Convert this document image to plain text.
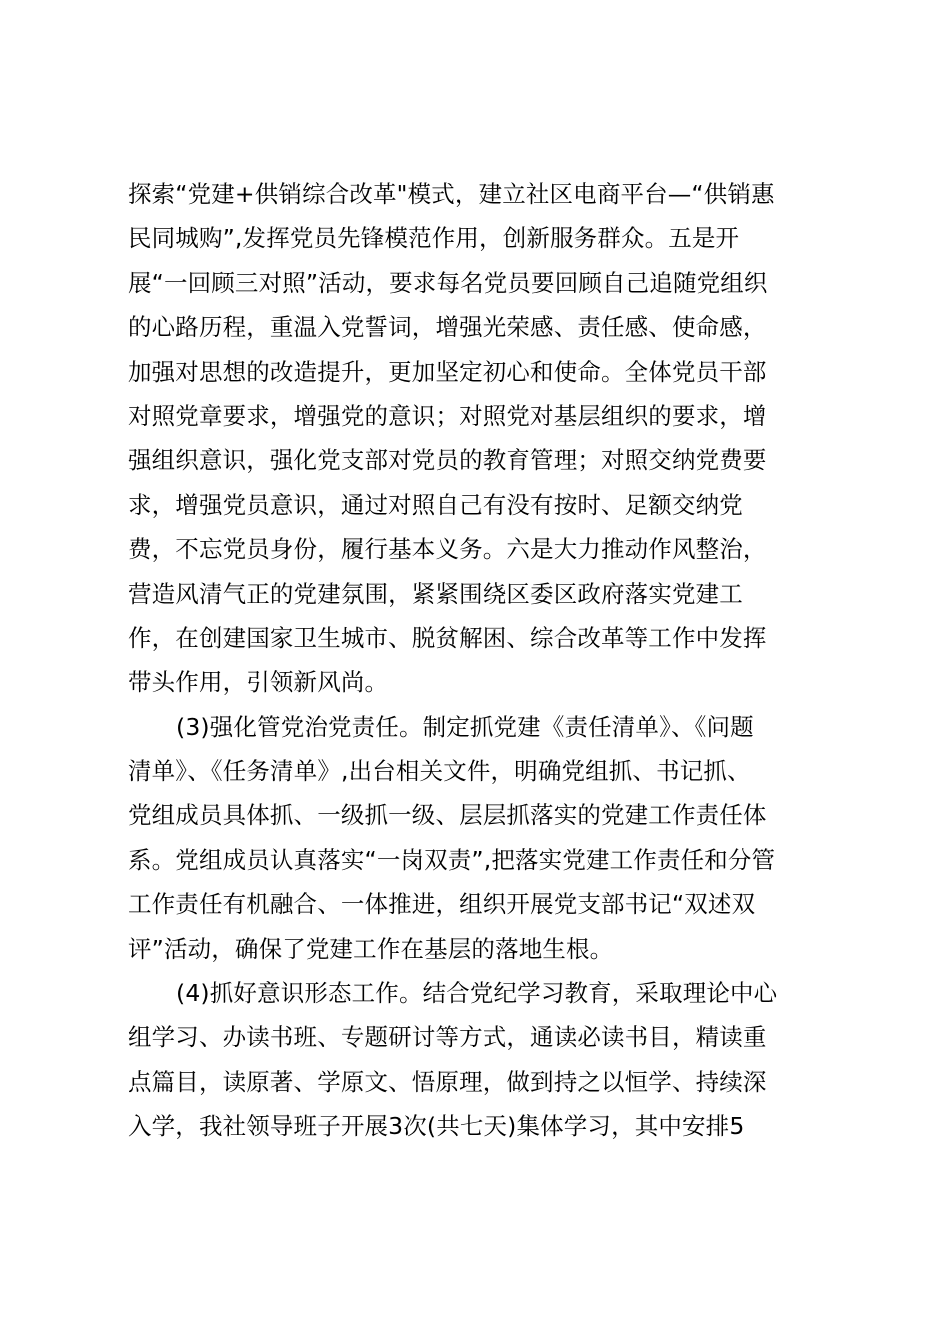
探索“党建+供销综合改革"模式，建立社区电商平台—“供销惠
民同城购”,发挥党员先锋模范作用，创新服务群众。五是开
展“一回顾三对照”活动，要求每名党员要回顾自己追随党组织
的心路历程，重温入党誓词，增强光荣感、责任感、使命感，
加强对思想的改造提升，更加坚定初心和使命。全体党员干部
对照党章要求，增强党的意识；对照党对基层组织的要求，增
强组织意识，强化党支部对党员的教育管理；对照交纳党费要
求，增强党员意识，通过对照自己有没有按时、足额交纳党
费，不忘党员身份，履行基本义务。六是大力推动作风整治，
营造风清气正的党建氛围，紧紧围绕区委区政府落实党建工
作，在创建国家卫生城市、脱贫解困、综合改革等工作中发挥
带头作用，引领新风尚。
(3)强化管党治党责任。制定抓党建《责任清单》、《问题
清单》、《任务清单》,出台相关文件，明确党组抓、书记抓、
党组成员具体抓、一级抓一级、层层抓落实的党建工作责任体
系。党组成员认真落实“一岗双责”,把落实党建工作责任和分管
工作责任有机融合、一体推进，组织开展党支部书记“双述双
评”活动，确保了党建工作在基层的落地生根。
(4)抓好意识形态工作。结合党纪学习教育，采取理论中心
组学习、办读书班、专题研讨等方式，通读必读书目，精读重
点篇目，读原著、学原文、悟原理，做到持之以恒学、持续深
入学，我社领导班子开展3次(共七天)集体学习，其中安排5
